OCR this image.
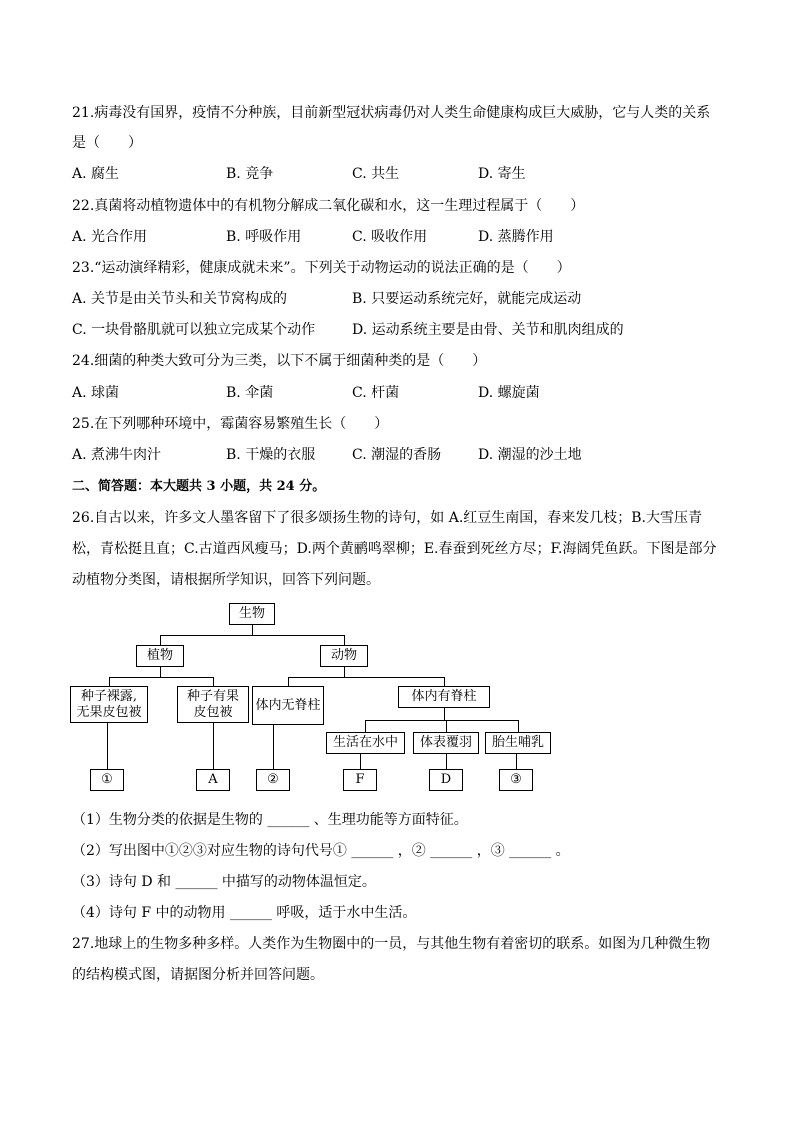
21.病毒没有国界，疫情不分种族，目前新型冠状病毒仍对人类生命健康构成巨大威胁，它与人类的关系
是（　　）
A. 腐生	B. 竞争	C. 共生	D. 寄生
22.真菌将动植物遗体中的有机物分解成二氧化碳和水，这一生理过程属于（　　）
A. 光合作用	B. 呼吸作用	C. 吸收作用	D. 蒸腾作用
23.“运动演绎精彩，健康成就未来”。下列关于动物运动的说法正确的是（　　）
A. 关节是由关节头和关节窝构成的	B. 只要运动系统完好，就能完成运动
C. 一块骨骼肌就可以独立完成某个动作	D. 运动系统主要是由骨、关节和肌肉组成的
24.细菌的种类大致可分为三类，以下不属于细菌种类的是（　　）
A. 球菌	B. 伞菌	C. 杆菌	D. 螺旋菌
25.在下列哪种环境中，霉菌容易繁殖生长（　　）
A. 煮沸牛肉汁	B. 干燥的衣服	C. 潮湿的香肠	D. 潮湿的沙土地
二、简答题：本大题共 3 小题，共 24 分。
26.自古以来，许多文人墨客留下了很多颂扬生物的诗句，如 A.红豆生南国，春来发几枝；B.大雪压青
松，青松挺且直；C.古道西风瘦马；D.两个黄鹂鸣翠柳；E.春蚕到死丝方尽；F.海阔凭鱼跃。下图是部分
动植物分类图，请根据所学知识，回答下列问题。
生物
植物	动物
种子裸露,
无果皮包被
种子有果
皮包被	体内无脊柱
体内有脊柱
生活在水中	体表覆羽	胎生哺乳
①	A	②	F	D	③
（1）生物分类的依据是生物的 ______ 、生理功能等方面特征。
（2）写出图中①②③对应生物的诗句代号① ______ ，② ______ ，③ ______ 。
（3）诗句 D 和 ______ 中描写的动物体温恒定。
（4）诗句 F 中的动物用 ______ 呼吸，适于水中生活。
27.地球上的生物多种多样。人类作为生物圈中的一员，与其他生物有着密切的联系。如图为几种微生物
的结构模式图，请据图分析并回答问题。
